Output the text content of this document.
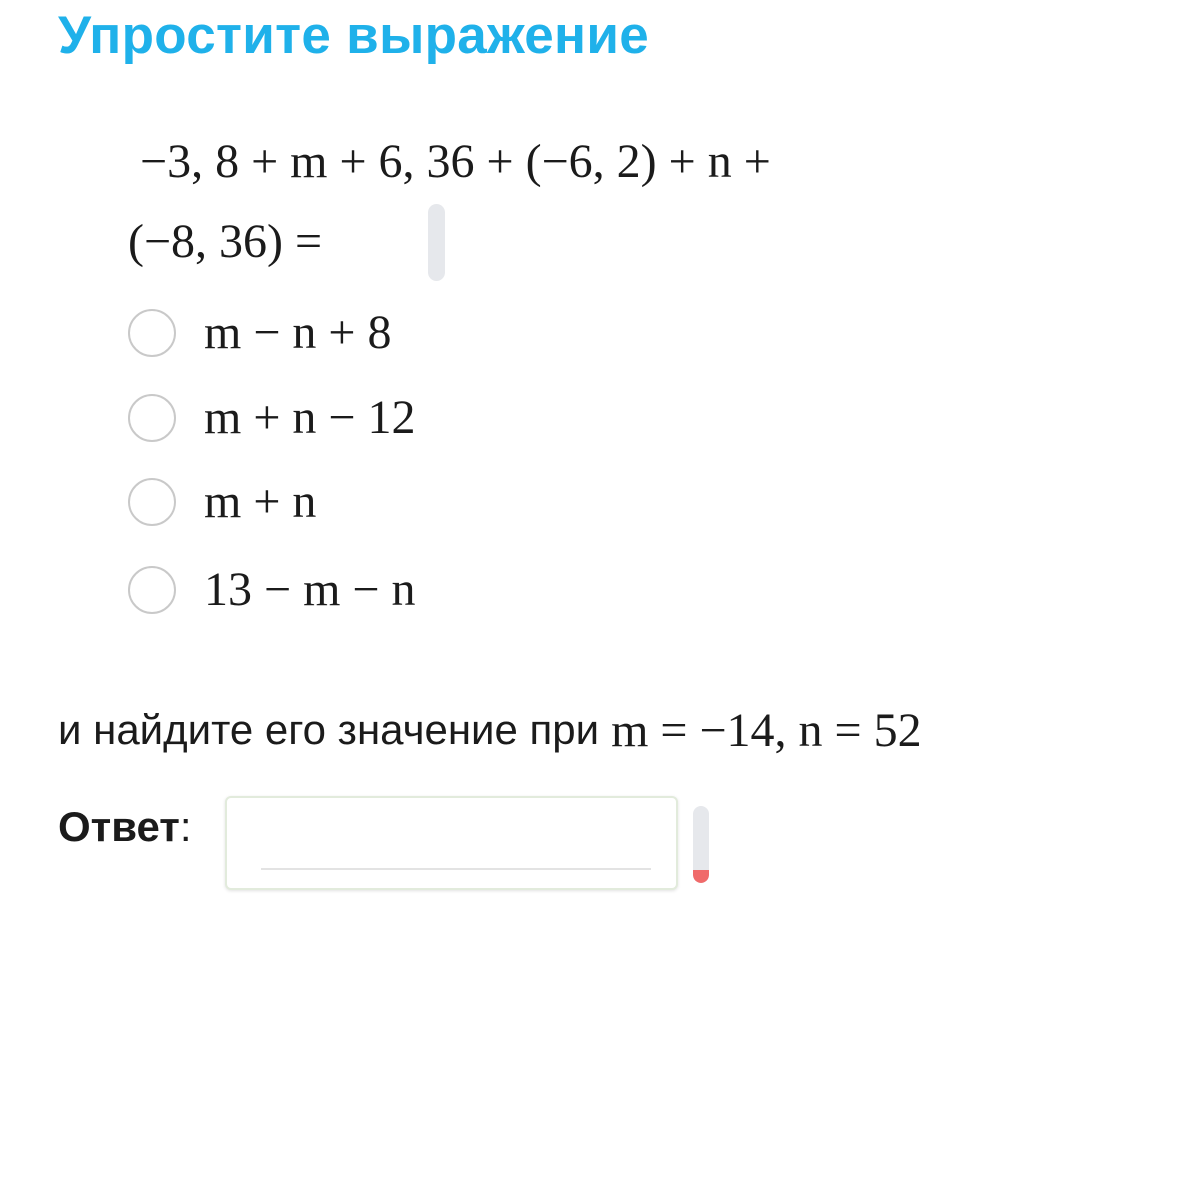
Упростите выражение
−3, 8 + m + 6, 36 + (−6, 2) + n +
(−8, 36) =
m − n + 8
m + n − 12
m + n
13 − m − n
и найдите его значение при m = −14, n = 52
Ответ:
